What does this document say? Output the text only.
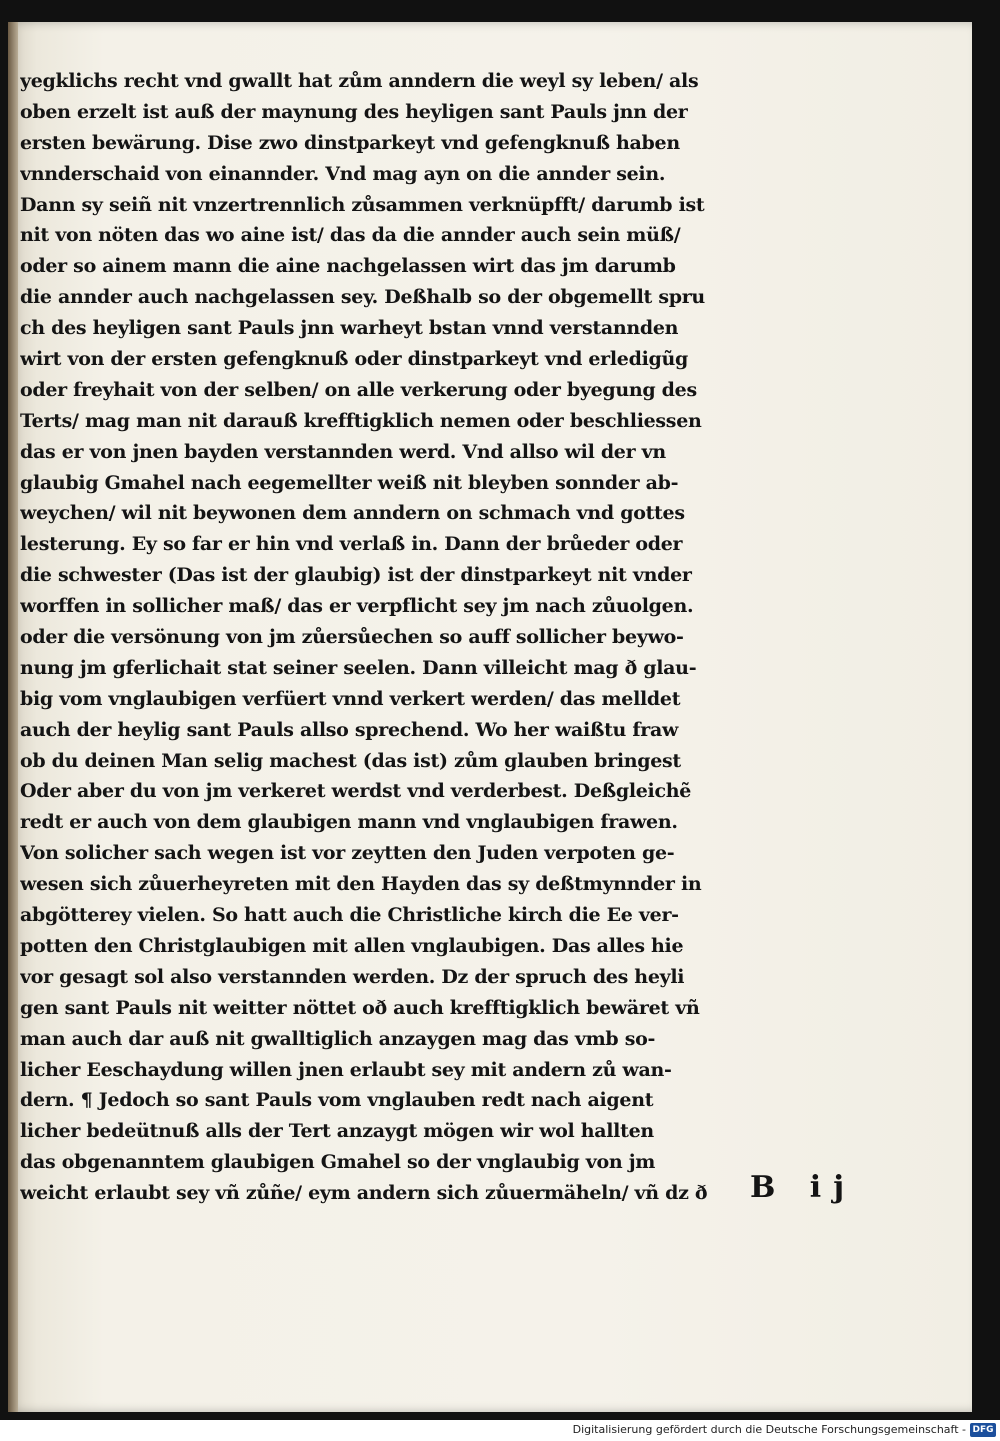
yegklichs recht vnd gwallt hat zům anndern die weyl sy leben/ als
oben erzelt ist auß der maynung des heyligen sant Pauls jnn der
ersten bewärung. Dise zwo dinstparkeyt vnd gefengknuß haben
vnnderschaid von einannder. Vnd mag ayn on die annder sein.
Dann sy seiñ nit vnzertrennlich zůsammen verknüpfft/ darumb ist
nit von nöten das wo aine ist/ das da die annder auch sein müß/
oder so ainem mann die aine nachgelassen wirt das jm darumb
die annder auch nachgelassen sey. Deßhalb so der obgemellt spru
ch des heyligen sant Pauls jnn warheyt bstan vnnd verstannden
wirt von der ersten gefengknuß oder dinstparkeyt vnd erledigũg
oder freyhait von der selben/ on alle verkerung oder byegung des
Terts/ mag man nit darauß krefftigklich nemen oder beschliessen
das er von jnen bayden verstannden werd. Vnd allso wil der vn
glaubig Gmahel nach eegemellter weiß nit bleyben sonnder ab-
weychen/ wil nit beywonen dem anndern on schmach vnd gottes
lesterung. Ey so far er hin vnd verlaß in. Dann der brůeder oder
die schwester (Das ist der glaubig) ist der dinstparkeyt nit vnder
worffen in sollicher maß/ das er verpflicht sey jm nach zůuolgen.
oder die versönung von jm zůersůechen so auff sollicher beywo-
nung jm gferlichait stat seiner seelen. Dann villeicht mag ð glau-
big vom vnglaubigen verfüert vnnd verkert werden/ das melldet
auch der heylig sant Pauls allso sprechend. Wo her waißtu fraw
ob du deinen Man selig machest (das ist) zům glauben bringest
Oder aber du von jm verkeret werdst vnd verderbest. Deßgleichẽ
redt er auch von dem glaubigen mann vnd vnglaubigen frawen.
Von solicher sach wegen ist vor zeytten den Juden verpoten ge-
wesen sich zůuerheyreten mit den Hayden das sy deßtmynnder in
abgötterey vielen. So hatt auch die Christliche kirch die Ee ver-
potten den Christglaubigen mit allen vnglaubigen. Das alles hie
vor gesagt sol also verstannden werden. Dz der spruch des heyli
gen sant Pauls nit weitter nöttet oð auch krefftigklich bewäret vñ
man auch dar auß nit gwalltiglich anzaygen mag das vmb so-
licher Eeschaydung willen jnen erlaubt sey mit andern zů wan-
dern. ¶ Jedoch so sant Pauls vom vnglauben redt nach aigent
licher bedeütnuß alls der Tert anzaygt mögen wir wol hallten
das obgenanntem glaubigen Gmahel so der vnglaubig von jm
weicht erlaubt sey vñ zůñe/ eym andern sich zůuermäheln/ vñ dz ð	B ij
Digitalisierung gefördert durch die Deutsche Forschungsgemeinschaft - DFG
